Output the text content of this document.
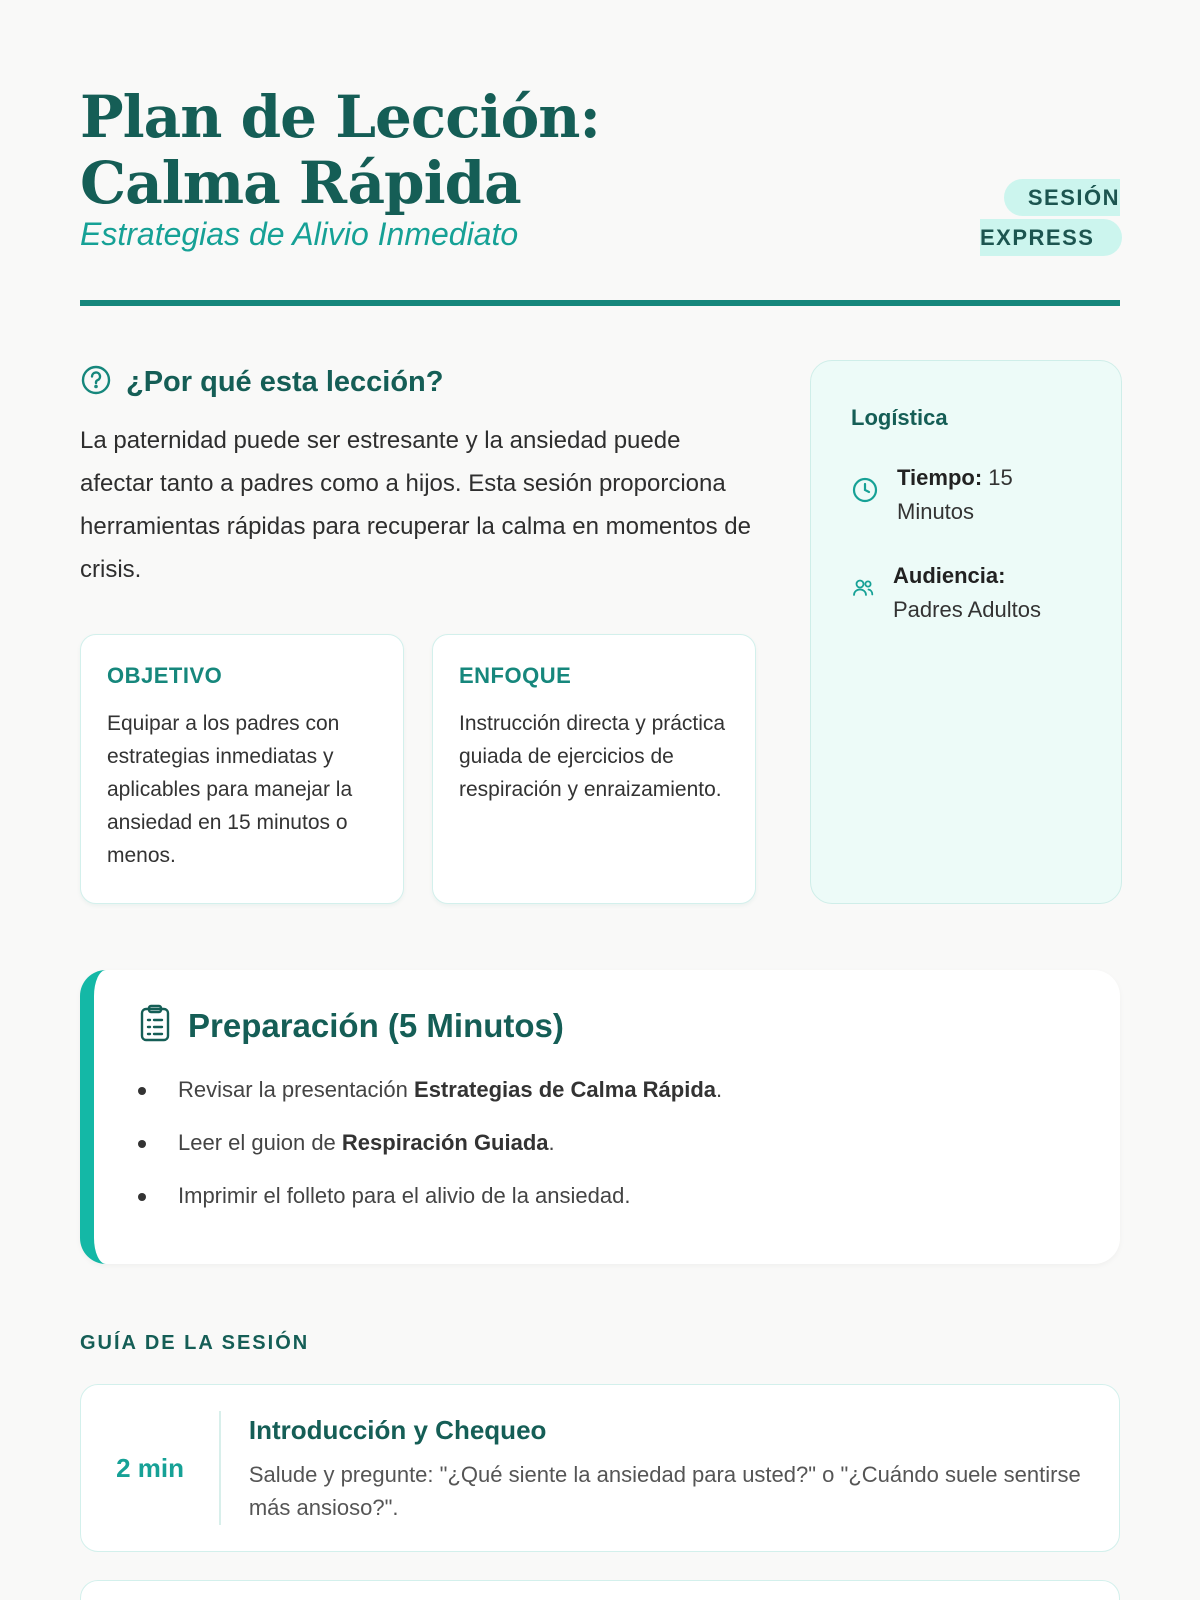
Plan de Lección: Calma Rápida
Estrategias de Alivio Inmediato
SESIÓN
EXPRESS
¿Por qué esta lección?

La paternidad puede ser estresante y la ansiedad puede afectar tanto a padres como a hijos. Esta sesión proporciona herramientas rápidas para recuperar la calma en momentos de crisis.

OBJETIVO

Equipar a los padres con estrategias inmediatas y aplicables para manejar la ansiedad en 15 minutos o menos.

ENFOQUE

Instrucción directa y práctica guiada de ejercicios de respiración y enraizamiento.

Logística
Tiempo: 15 Minutos
Audiencia:
Padres Adultos
Preparación (5 Minutos)
Revisar la presentación Estrategias de Calma Rápida.
Leer el guion de Respiración Guiada.
Imprimir el folleto para el alivio de la ansiedad.
GUÍA DE LA SESIÓN
2 min
Introducción y Chequeo

Salude y pregunte: "¿Qué siente la ansiedad para usted?" o "¿Cuándo suele sentirse más ansioso?".
